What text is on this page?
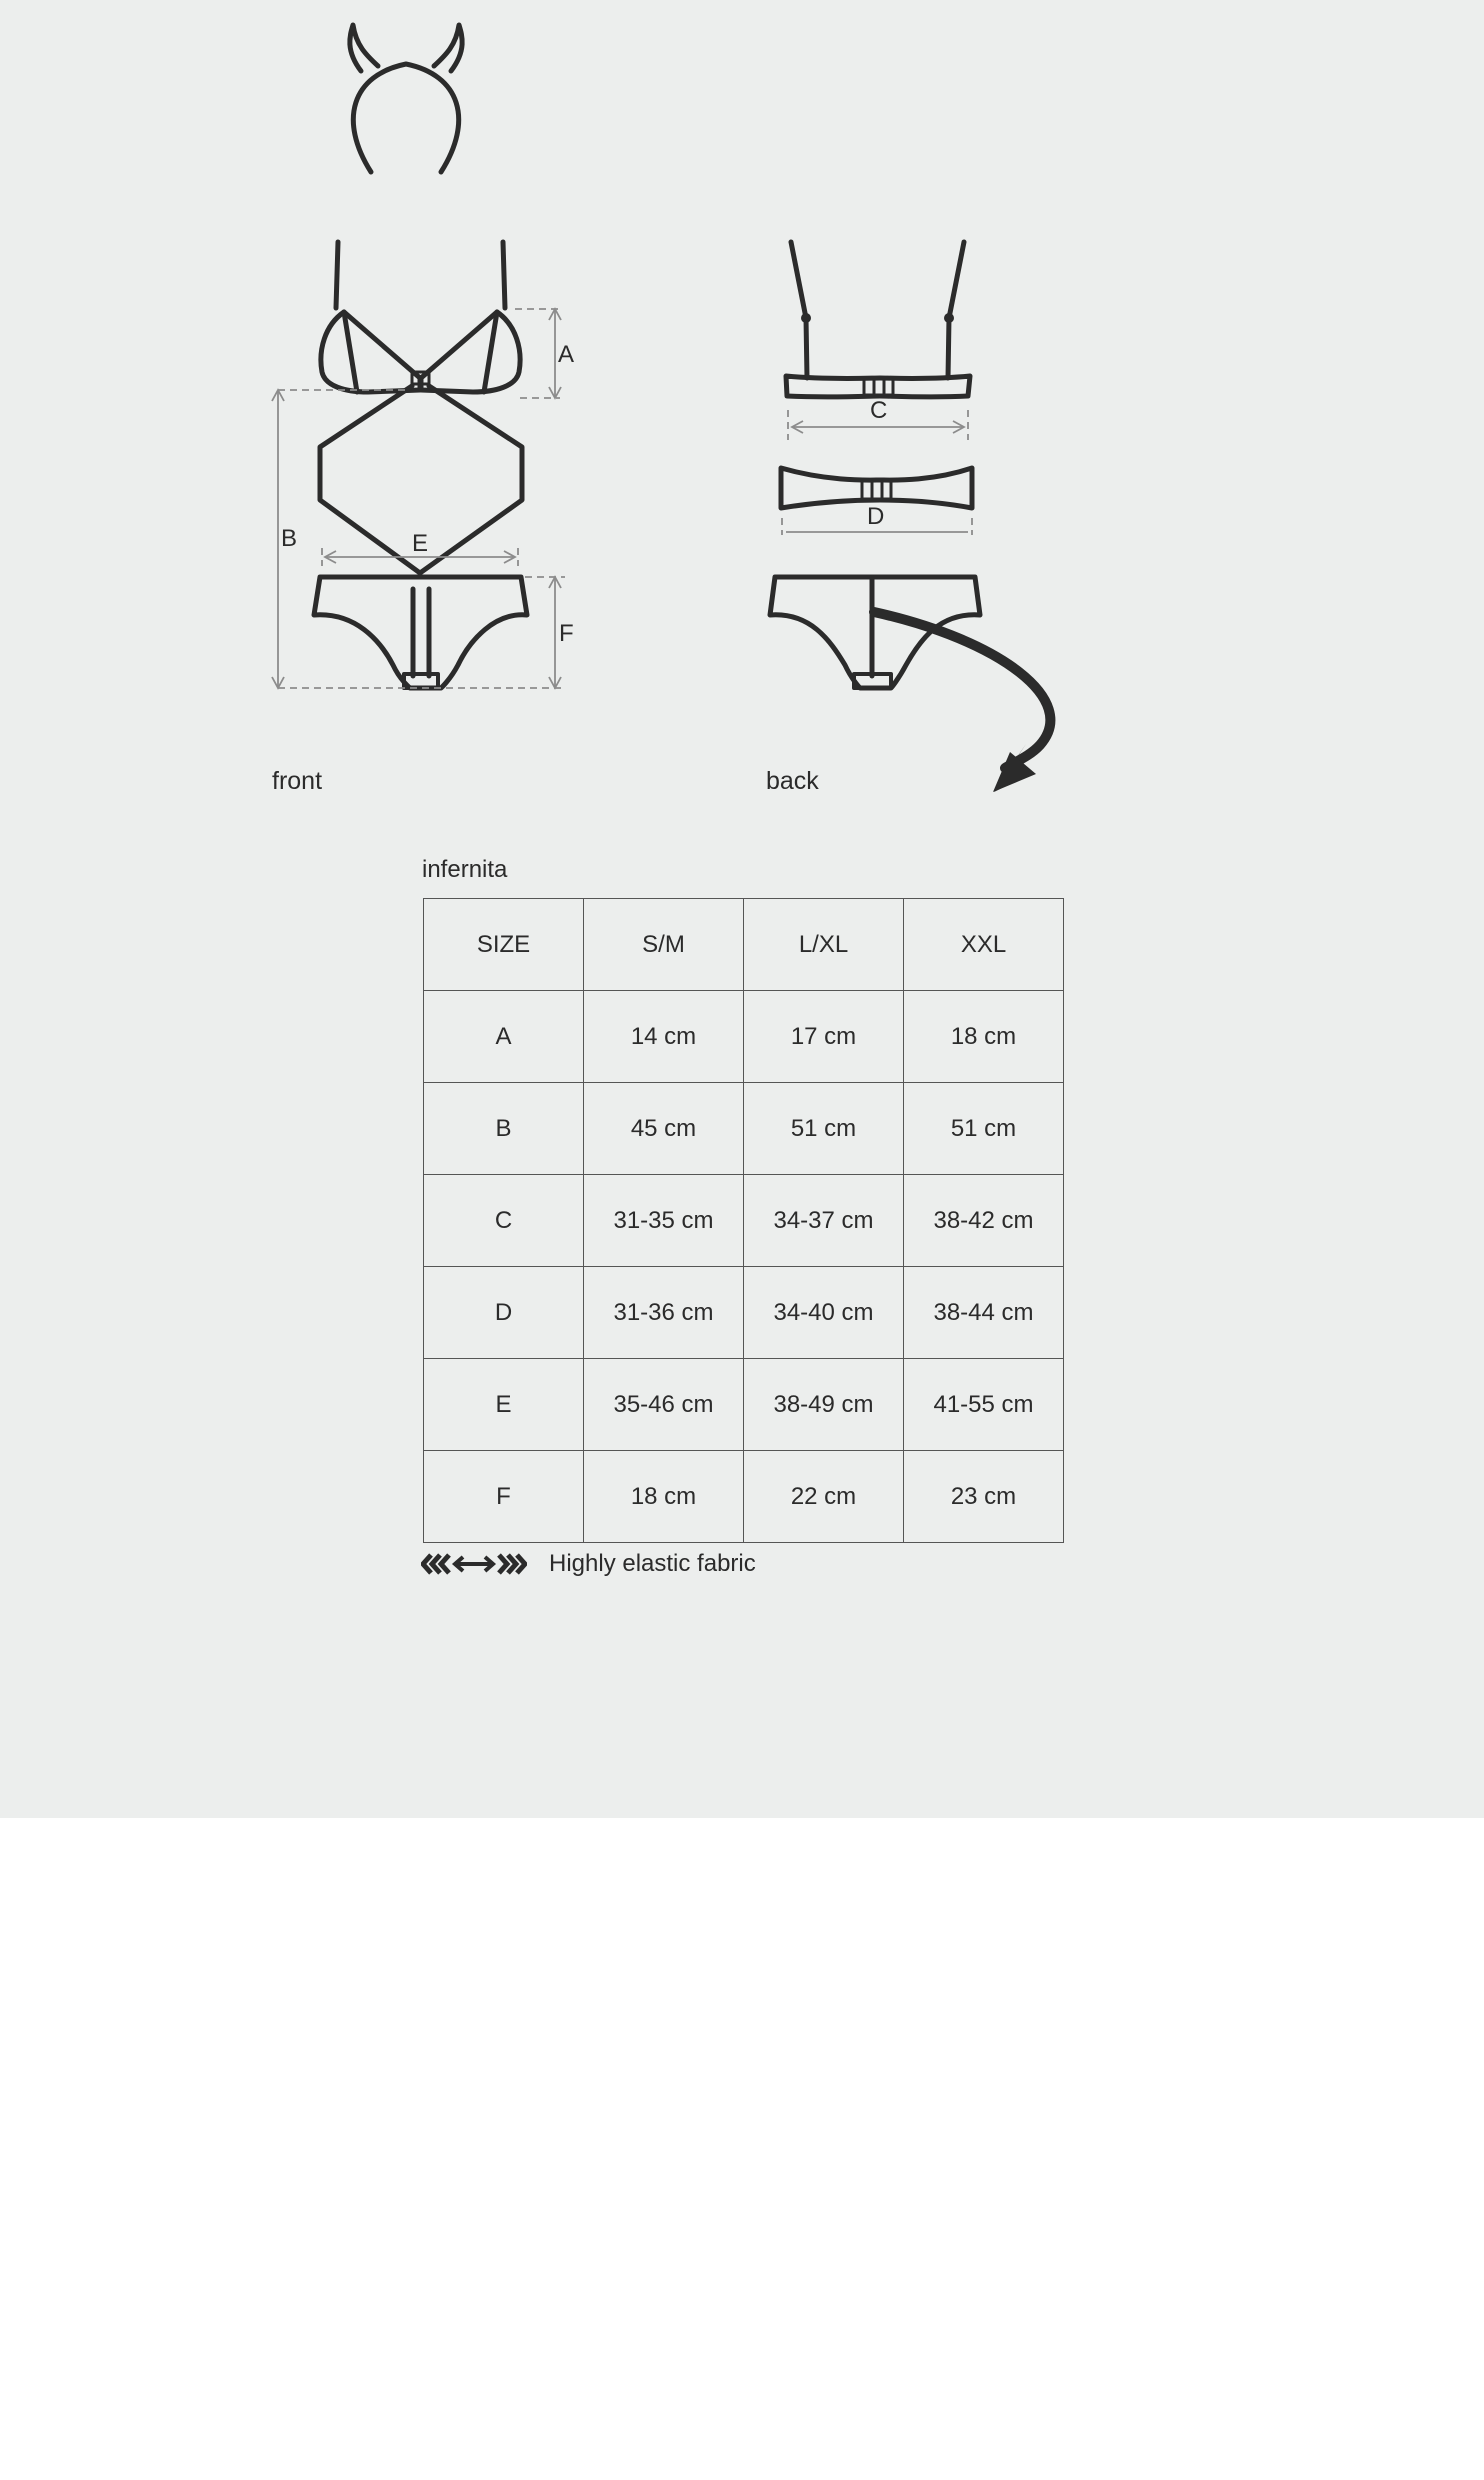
A
B	E
F
C
D
front	back
infernita
SIZE	S/M	L/XL	XXL
A	14 cm	17 cm	18 cm
B	45 cm	51 cm	51 cm
C	31-35 cm	34-37 cm	38-42 cm
D	31-36 cm	34-40 cm	38-44 cm
E	35-46 cm	38-49 cm	41-55 cm
F	18 cm	22 cm	23 cm
Highly elastic fabric
